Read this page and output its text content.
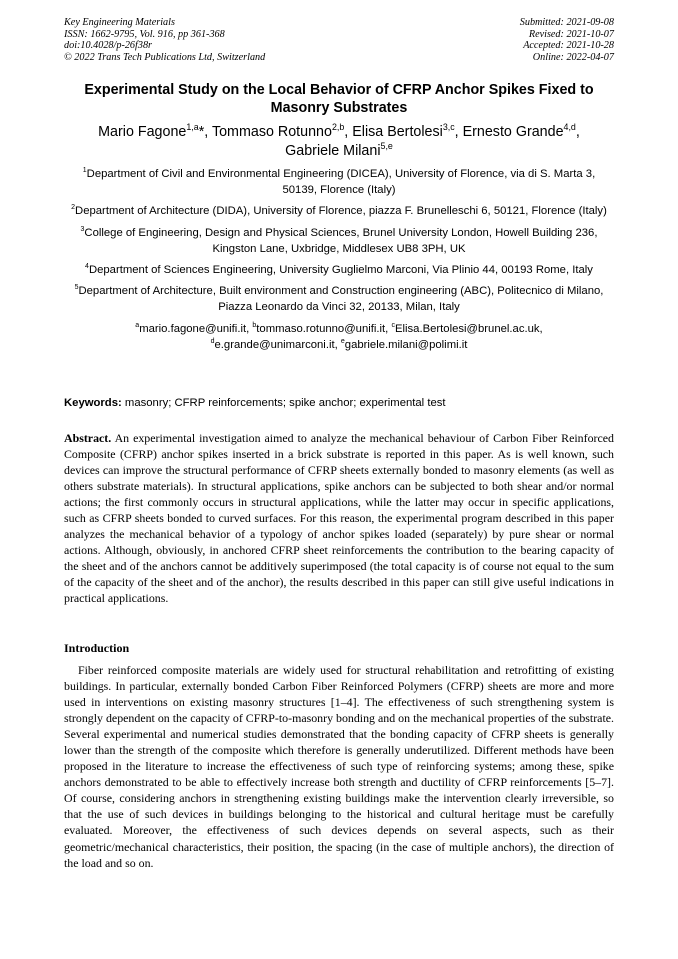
Key Engineering Materials
ISSN: 1662-9795, Vol. 916, pp 361-368
doi:10.4028/p-26f38r
© 2022 Trans Tech Publications Ltd, Switzerland
Submitted: 2021-09-08
Revised: 2021-10-07
Accepted: 2021-10-28
Online: 2022-04-07
Experimental Study on the Local Behavior of CFRP Anchor Spikes Fixed to Masonry Substrates
Mario Fagone$^{1,a}$*, Tommaso Rotunno$^{2,b}$, Elisa Bertolesi$^{3,c}$, Ernesto Grande$^{4,d}$,
Gabriele Milani$^{5,e}$
$^1$Department of Civil and Environmental Engineering (DICEA), University of Florence, via di S. Marta 3, 50139, Florence (Italy)
$^2$Department of Architecture (DIDA), University of Florence, piazza F. Brunelleschi 6, 50121, Florence (Italy)
$^3$College of Engineering, Design and Physical Sciences, Brunel University London, Howell Building 236, Kingston Lane, Uxbridge, Middlesex UB8 3PH, UK
$^4$Department of Sciences Engineering, University Guglielmo Marconi, Via Plinio 44, 00193 Rome, Italy
$^5$Department of Architecture, Built environment and Construction engineering (ABC), Politecnico di Milano, Piazza Leonardo da Vinci 32, 20133, Milan, Italy
$^a$mario.fagone@unifi.it, $^b$tommaso.rotunno@unifi.it, $^c$Elisa.Bertolesi@brunel.ac.uk,
$^d$e.grande@unimarconi.it, $^e$gabriele.milani@polimi.it
Keywords: masonry; CFRP reinforcements; spike anchor; experimental test
Abstract. An experimental investigation aimed to analyze the mechanical behaviour of Carbon Fiber Reinforced Composite (CFRP) anchor spikes inserted in a brick substrate is reported in this paper. As is well known, such devices can improve the structural performance of CFRP sheets externally bonded to masonry elements (as well as others substrate materials). In structural applications, spike anchors can be subjected to both shear and/or normal actions; the first commonly occurs in structural applications, while the latter may occur in specific applications, such as CFRP sheets bonded to curved surfaces. For this reason, the experimental program described in this paper analyzes the mechanical behavior of a typology of anchor spikes loaded (separately) by pure shear or normal actions. Although, obviously, in anchored CFRP sheet reinforcements the contribution to the bearing capacity of the sheet and of the anchors cannot be additively superimposed (the total capacity is of course not equal to the sum of the capacity of the sheet and of the anchor), the results described in this paper can still give useful indications in practical applications.
Introduction
Fiber reinforced composite materials are widely used for structural rehabilitation and retrofitting of existing buildings. In particular, externally bonded Carbon Fiber Reinforced Polymers (CFRP) sheets are more and more used in interventions on existing masonry structures [1–4]. The effectiveness of such strengthening system is strongly dependent on the capacity of CFRP-to-masonry bonding and on the mechanical properties of the substrate. Several experimental and numerical studies demonstrated that the bonding capacity of CFRP sheets is generally lower than the strength of the composite which therefore is generally underutilized. Different methods have been proposed in the literature to increase the effectiveness of such type of reinforcing systems; among these, spike anchors demonstrated to be able to effectively increase both strength and ductility of CFRP reinforcements [5–7]. Of course, considering anchors in strengthening existing buildings make the intervention clearly irreversible, so that the use of such devices in buildings belonging to the historical and cultural heritage must be carefully evaluated. Moreover, the effectiveness of such devices depends on several aspects, such as their geometric/mechanical characteristics, their position, the spacing (in the case of multiple anchors), the direction of the load and so on.
